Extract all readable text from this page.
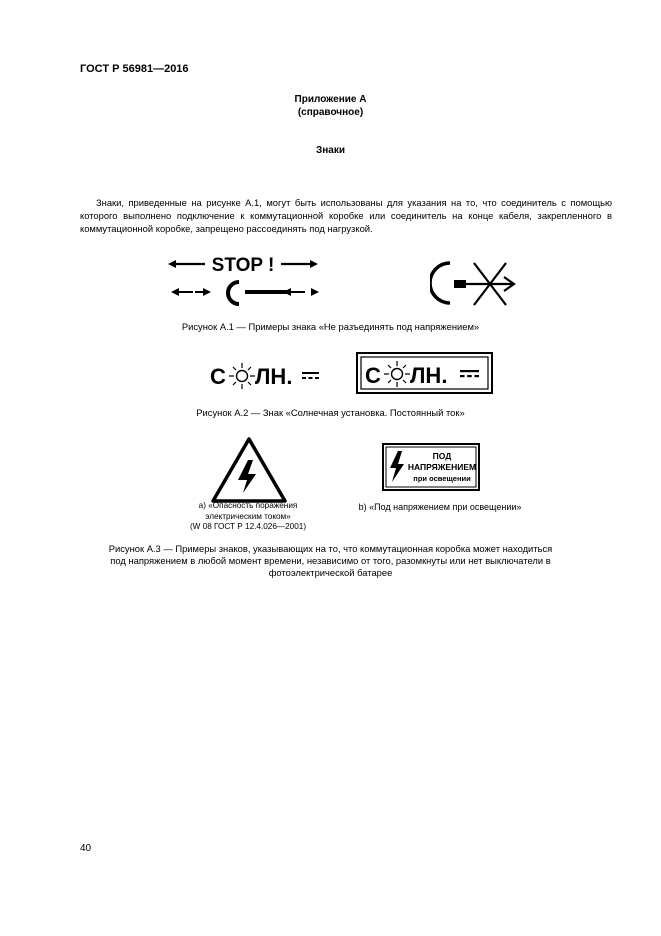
ГОСТ Р 56981—2016
Приложение А
(справочное)
Знаки
Знаки, приведенные на рисунке А.1, могут быть использованы для указания на то, что соединитель с помощью которого выполнено подключение к коммутационной коробке или соединитель на конце кабеля, закрепленного в коммутационной коробке, запрещено рассоединять под нагрузкой.
STOP !
Рисунок А.1 — Примеры знака «Не разъединять под напряжением»
С ЛН.	С ЛН.
Рисунок А.2 — Знак «Солнечная установка. Постоянный ток»
ПОД
НАПРЯЖЕНИЕМ
при освещении
а) «Опасность поражения
электрическим током»
(W 08 ГОСТ Р 12.4.026—2001)
b) «Под напряжением при освещении»
Рисунок А.3 — Примеры знаков, указывающих на то, что коммутационная коробка может находиться
под напряжением в любой момент времени, независимо от того, разомкнуты или нет выключатели в
фотоэлектрической батарее
40
